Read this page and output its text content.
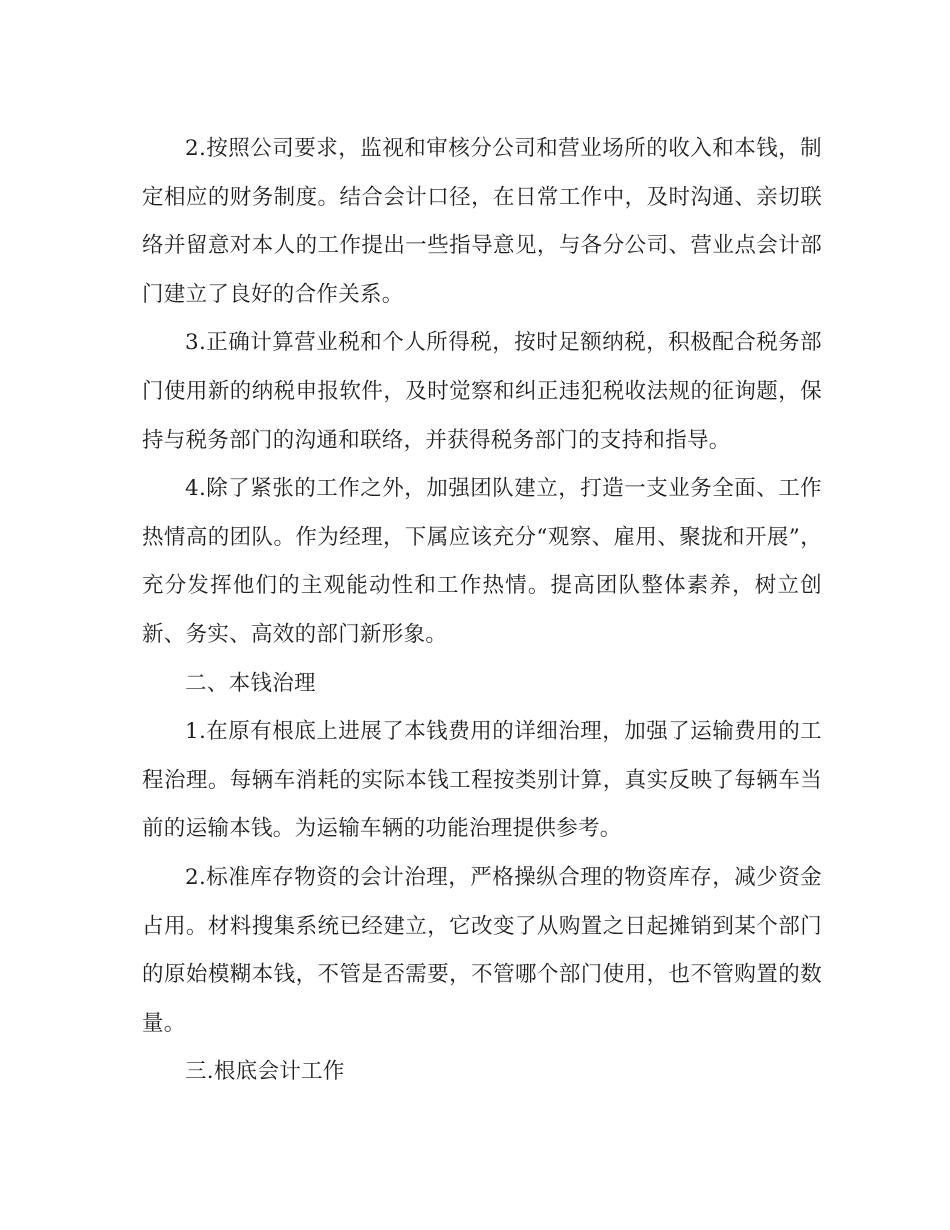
2.按照公司要求，监视和审核分公司和营业场所的收入和本钱，制定相应的财务制度。结合会计口径，在日常工作中，及时沟通、亲切联络并留意对本人的工作提出一些指导意见，与各分公司、营业点会计部门建立了良好的合作关系。

3.正确计算营业税和个人所得税，按时足额纳税，积极配合税务部门使用新的纳税申报软件，及时觉察和纠正违犯税收法规的征询题，保持与税务部门的沟通和联络，并获得税务部门的支持和指导。

4.除了紧张的工作之外，加强团队建立，打造一支业务全面、工作热情高的团队。作为经理，下属应该充分“观察、雇用、聚拢和开展”，充分发挥他们的主观能动性和工作热情。提高团队整体素养，树立创新、务实、高效的部门新形象。

二、本钱治理

1.在原有根底上进展了本钱费用的详细治理，加强了运输费用的工程治理。每辆车消耗的实际本钱工程按类别计算，真实反映了每辆车当前的运输本钱。为运输车辆的功能治理提供参考。

2.标准库存物资的会计治理，严格操纵合理的物资库存，减少资金占用。材料搜集系统已经建立，它改变了从购置之日起摊销到某个部门的原始模糊本钱，不管是否需要，不管哪个部门使用，也不管购置的数量。

三.根底会计工作
